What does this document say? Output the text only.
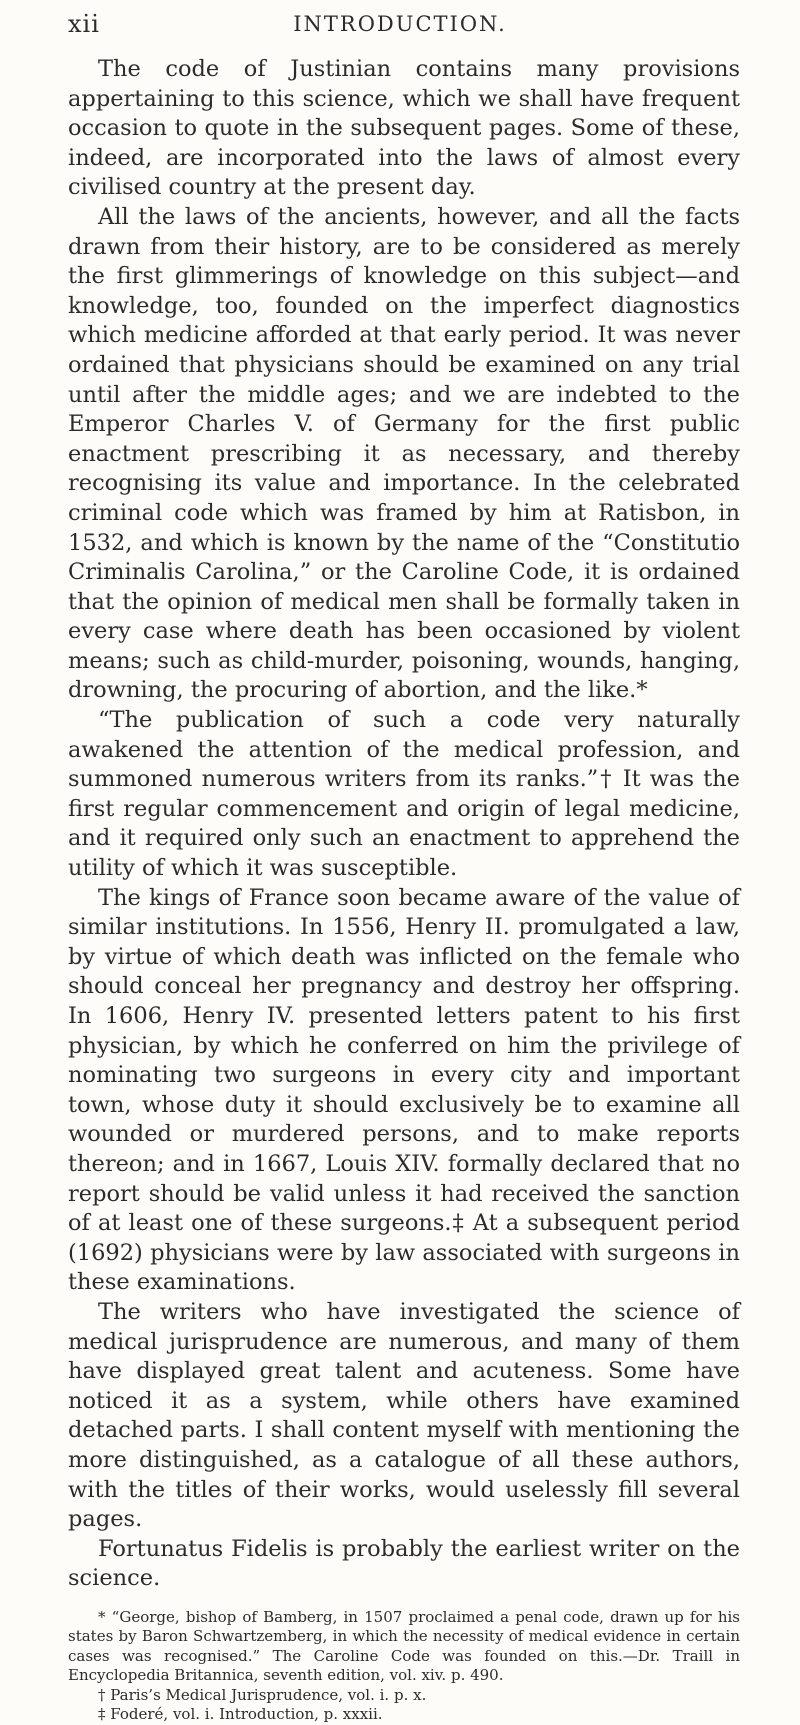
xii	INTRODUCTION.

The code of Justinian contains many provisions appertaining to this science, which we shall have frequent occasion to quote in the subsequent pages. Some of these, indeed, are incorporated into the laws of almost every civilised country at the present day.

All the laws of the ancients, however, and all the facts drawn from their history, are to be considered as merely the first glimmerings of knowledge on this subject—and knowledge, too, founded on the imperfect diagnostics which medicine afforded at that early period. It was never ordained that physicians should be examined on any trial until after the middle ages; and we are indebted to the Emperor Charles V. of Germany for the first public enactment prescribing it as necessary, and thereby recognising its value and importance. In the celebrated criminal code which was framed by him at Ratisbon, in 1532, and which is known by the name of the “Constitutio Criminalis Carolina,” or the Caroline Code, it is ordained that the opinion of medical men shall be formally taken in every case where death has been occasioned by violent means; such as child-murder, poisoning, wounds, hanging, drowning, the procuring of abortion, and the like.*

“The publication of such a code very naturally awakened the attention of the medical profession, and summoned numerous writers from its ranks.”† It was the first regular commencement and origin of legal medicine, and it required only such an enactment to apprehend the utility of which it was susceptible.

The kings of France soon became aware of the value of similar institutions. In 1556, Henry II. promulgated a law, by virtue of which death was inflicted on the female who should conceal her pregnancy and destroy her offspring. In 1606, Henry IV. presented letters patent to his first physician, by which he conferred on him the privilege of nominating two surgeons in every city and important town, whose duty it should exclusively be to examine all wounded or murdered persons, and to make reports thereon; and in 1667, Louis XIV. formally declared that no report should be valid unless it had received the sanction of at least one of these surgeons.‡ At a subsequent period (1692) physicians were by law associated with surgeons in these examinations.

The writers who have investigated the science of medical jurisprudence are numerous, and many of them have displayed great talent and acuteness. Some have noticed it as a system, while others have examined detached parts. I shall content myself with mentioning the more distinguished, as a catalogue of all these authors, with the titles of their works, would uselessly fill several pages.

Fortunatus Fidelis is probably the earliest writer on the science.

* “George, bishop of Bamberg, in 1507 proclaimed a penal code, drawn up for his states by Baron Schwartzemberg, in which the necessity of medical evidence in certain cases was recognised.” The Caroline Code was founded on this.—Dr. Traill in Encyclopedia Britannica, seventh edition, vol. xiv. p. 490.

† Paris’s Medical Jurisprudence, vol. i. p. x.

‡ Foderé, vol. i. Introduction, p. xxxii.
